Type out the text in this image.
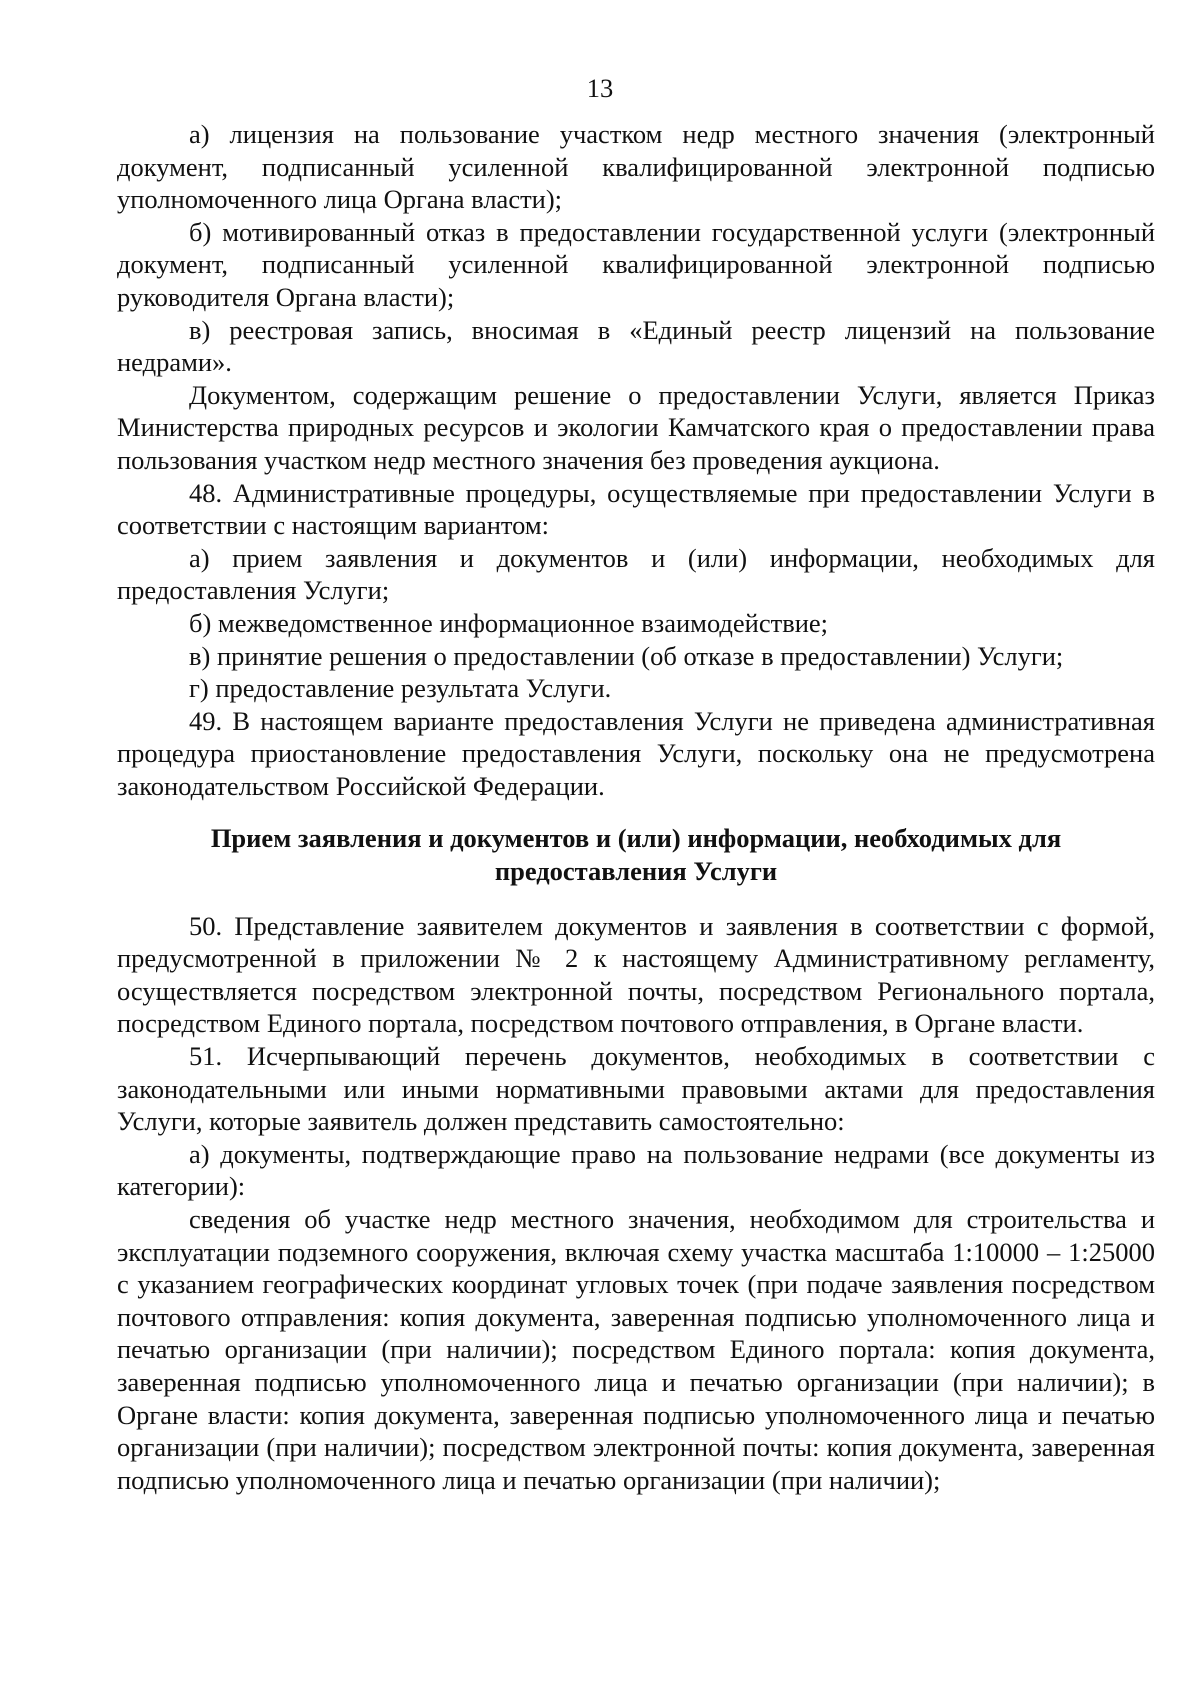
13

а) лицензия на пользование участком недр местного значения (электронный документ, подписанный усиленной квалифицированной электронной подписью уполномоченного лица Органа власти);

б) мотивированный отказ в предоставлении государственной услуги (электронный документ, подписанный усиленной квалифицированной электронной подписью руководителя Органа власти);

в) реестровая запись, вносимая в «Единый реестр лицензий на пользование недрами».

Документом, содержащим решение о предоставлении Услуги, является Приказ Министерства природных ресурсов и экологии Камчатского края о предоставлении права пользования участком недр местного значения без проведения аукциона.

48. Административные процедуры, осуществляемые при предоставлении Услуги в соответствии с настоящим вариантом:

а) прием заявления и документов и (или) информации, необходимых для предоставления Услуги;

б) межведомственное информационное взаимодействие;

в) принятие решения о предоставлении (об отказе в предоставлении) Услуги;

г) предоставление результата Услуги.

49. В настоящем варианте предоставления Услуги не приведена административная процедура приостановление предоставления Услуги, поскольку она не предусмотрена законодательством Российской Федерации.

Прием заявления и документов и (или) информации, необходимых для предоставления Услуги

50. Представление заявителем документов и заявления в соответствии с формой, предусмотренной в приложении № 2 к настоящему Административному регламенту, осуществляется посредством электронной почты, посредством Регионального портала, посредством Единого портала, посредством почтового отправления, в Органе власти.

51. Исчерпывающий перечень документов, необходимых в соответствии с законодательными или иными нормативными правовыми актами для предоставления Услуги, которые заявитель должен представить самостоятельно:

а) документы, подтверждающие право на пользование недрами (все документы из категории):

сведения об участке недр местного значения, необходимом для строительства и эксплуатации подземного сооружения, включая схему участка масштаба 1:10000 – 1:25000 с указанием географических координат угловых точек (при подаче заявления посредством почтового отправления: копия документа, заверенная подписью уполномоченного лица и печатью организации (при наличии); посредством Единого портала: копия документа, заверенная подписью уполномоченного лица и печатью организации (при наличии); в Органе власти: копия документа, заверенная подписью уполномоченного лица и печатью организации (при наличии); посредством электронной почты: копия документа, заверенная подписью уполномоченного лица и печатью организации (при наличии);
